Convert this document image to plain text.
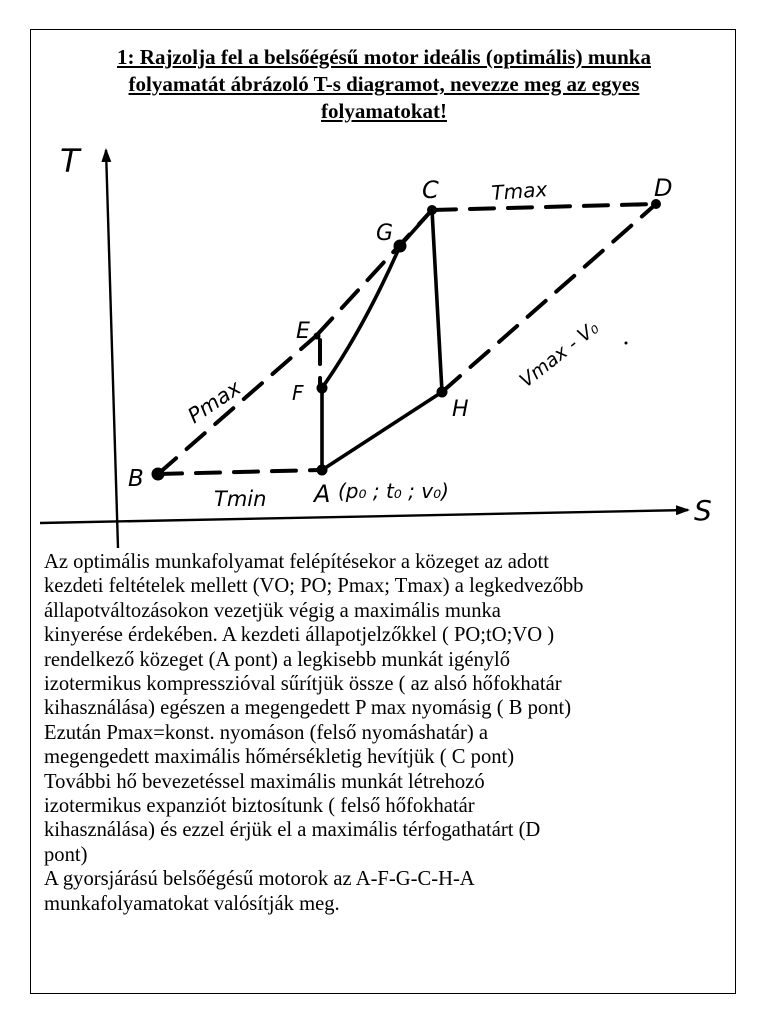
1: Rajzolja fel a belsőégésű motor ideális (optimális) munka
folyamatát ábrázoló T-s diagramot, nevezze meg az egyes
folyamatokat!
T
S
B
A
F
E
G
C	D
H
Tmax
Tmin
Pmax
Vmax - V₀
(p₀ ; t₀ ; v₀)
Az optimális munkafolyamat felépítésekor a közeget az adott
kezdeti feltételek mellett (VO; PO; Pmax; Tmax) a legkedvezőbb
állapotváltozásokon vezetjük végig a maximális munka
kinyerése érdekében. A kezdeti állapotjelzőkkel ( PO;tO;VO )
rendelkező közeget (A pont) a legkisebb munkát igénylő
izotermikus kompresszióval sűrítjük össze ( az alsó hőfokhatár
kihasználása) egészen a megengedett P max nyomásig ( B pont)
Ezután Pmax=konst. nyomáson (felső nyomáshatár) a
megengedett maximális hőmérsékletig hevítjük ( C pont)
További hő bevezetéssel maximális munkát létrehozó
izotermikus expanziót biztosítunk ( felső hőfokhatár
kihasználása) és ezzel érjük el a maximális térfogathatárt (D
pont)
A gyorsjárású belsőégésű motorok az A-F-G-C-H-A
munkafolyamatokat valósítják meg.
